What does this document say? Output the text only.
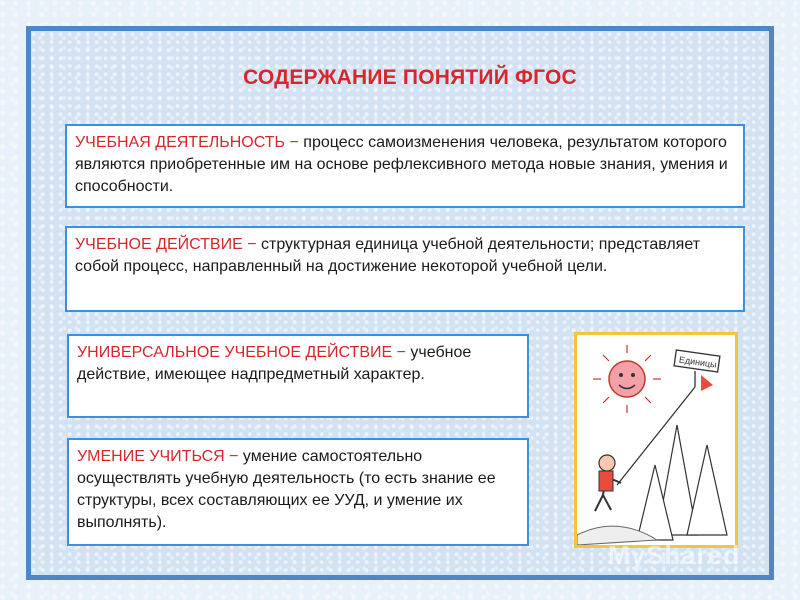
СОДЕРЖАНИЕ ПОНЯТИЙ ФГОС
УЧЕБНАЯ ДЕЯТЕЛЬНОСТЬ − процесс самоизменения человека, результатом которого являются приобретенные им на основе рефлексивного метода новые знания, умения и способности.
УЧЕБНОЕ ДЕЙСТВИЕ − структурная единица учебной деятельности; представляет собой процесс, направленный на достижение некоторой учебной цели.
УНИВЕРСАЛЬНОЕ УЧЕБНОЕ ДЕЙСТВИЕ − учебное действие, имеющее надпредметный характер.
УМЕНИЕ УЧИТЬСЯ − умение самостоятельно осуществлять учебную деятельность (то есть знание ее структуры, всех составляющих ее УУД, и умение их выполнять).
Единицы
MyShared
